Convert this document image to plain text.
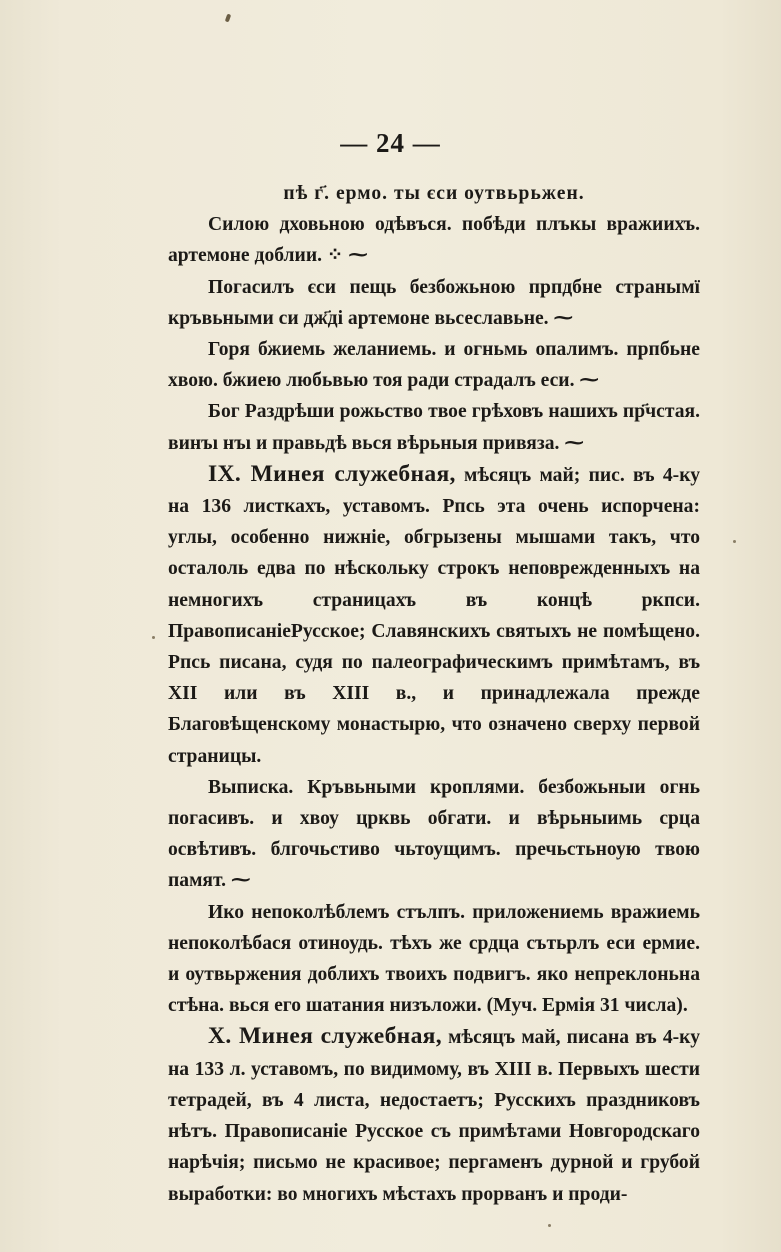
— 24 —

пѣ г҃. ермо. ты єси оутвьрьжен.

Силою дховьною одѣвъся. побѣди плъкы вражиихъ. артемоне доблии. ⁘ ⁓

Погасилъ єси пещь безбожьною прпдбне странымї кръвьными си дж҃дi артемоне вьсеславьне. ⁓

Горя бжиемь желаниемь. и огньмь опалимъ. прпбьне хвою. бжиею любьвью тоя ради страдалъ еси. ⁓

Бог Раздрѣши рожьство твое грѣховъ нашихъ пр҃чстая. винъı нъı и правьдѣ вься вѣрьныя привяза. ⁓

IX. Минея служебная, мѣсяцъ май; пис. въ 4-ку на 136 листкахъ, уставомъ. Рпсь эта очень испорчена: углы, особенно нижніе, обгрызены мышами такъ, что осталоль едва по нѣскольку строкъ неповрежденныхъ на немногихъ страницахъ въ концѣ ркпси. ПравописаніеРусское; Славянскихъ святыхъ не помѣщено. Рпсь писана, судя по палеографическимъ примѣтамъ, въ XII или въ XIII в., и принадлежала прежде Благовѣщенскому монастырю, что означено сверху первой страницы.

Выписка. Кръвьными кроплями. безбожьныи огнь погасивъ. и хвоу црквь обгати. и вѣрьныимь срца освѣтивъ. блгочьстиво чьтоущимъ. пречьстьноую твою памят. ⁓

Ико непоколѣблемъ стълпъ. приложениемь вражиемь непоколѣбася отиноудь. тѣхъ же срдца сътьрлъ еси ермие. и оутвьржения доблихъ твоихъ подвигъ. яко непреклоньна стѣна. вься его шатания низъложи. (Муч. Ермія 31 числа).

X. Минея служебная, мѣсяцъ май, писана въ 4-ку на 133 л. уставомъ, по видимому, въ XIII в. Первыхъ шести тетрадей, въ 4 листа, недостаетъ; Русскихъ праздниковъ нѣтъ. Правописаніе Русское съ примѣтами Новгородскаго нарѣчія; письмо не красивое; пергаменъ дурной и грубой выработки: во многихъ мѣстахъ прорванъ и проди-
